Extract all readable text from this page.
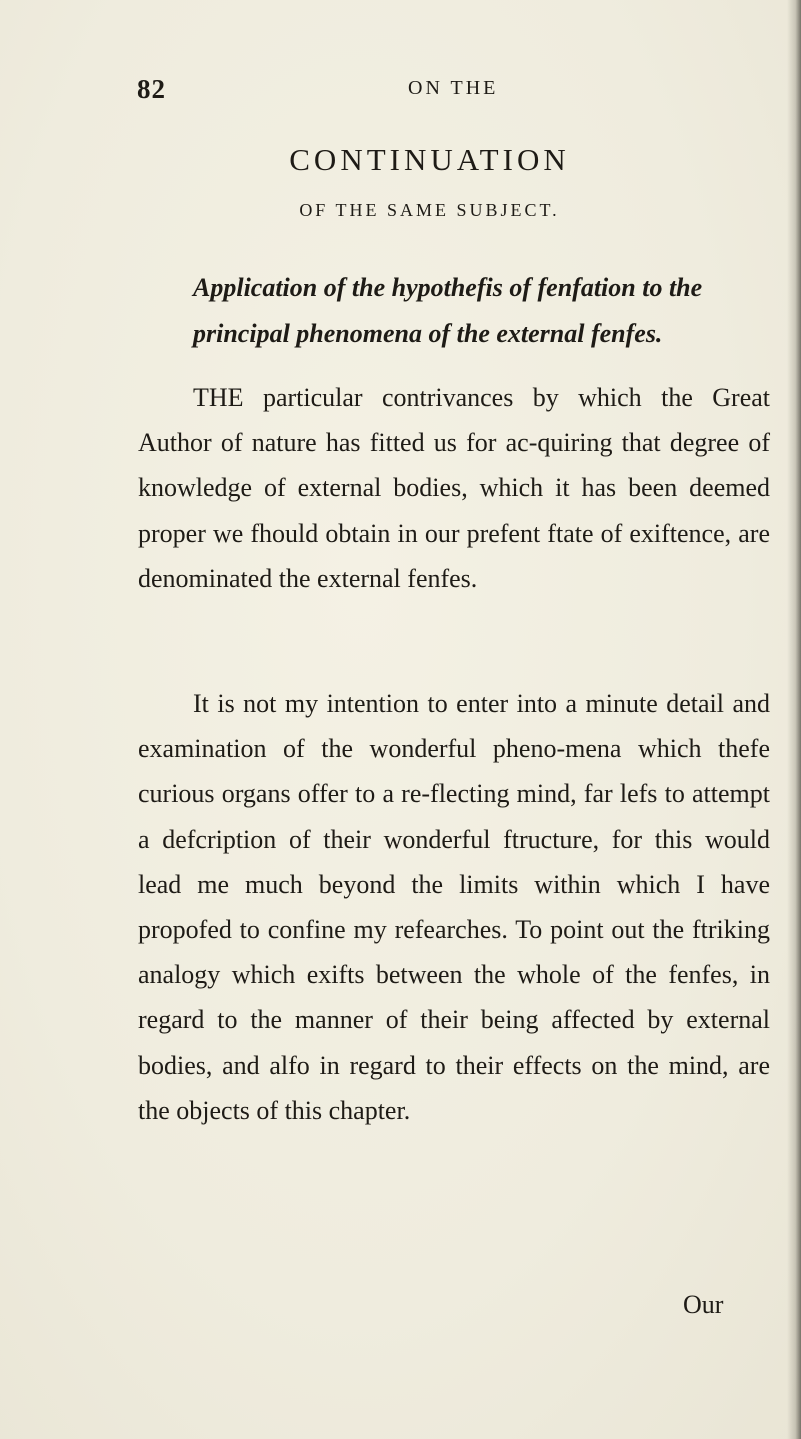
82	ON THE
CONTINUATION
OF THE SAME SUBJECT.
Application of the hypothefis of fenfation to the
principal phenomena of the external fenfes.
THE particular contrivances by which the Great Author of nature has fitted us for ac-quiring that degree of knowledge of external bodies, which it has been deemed proper we fhould obtain in our prefent ftate of exiftence, are denominated the external fenfes.
It is not my intention to enter into a minute detail and examination of the wonderful pheno-mena which thefe curious organs offer to a re-flecting mind, far lefs to attempt a defcription of their wonderful ftructure, for this would lead me much beyond the limits within which I have propofed to confine my refearches. To point out the ftriking analogy which exifts between the whole of the fenfes, in regard to the manner of their being affected by external bodies, and alfo in regard to their effects on the mind, are the objects of this chapter.
Our
